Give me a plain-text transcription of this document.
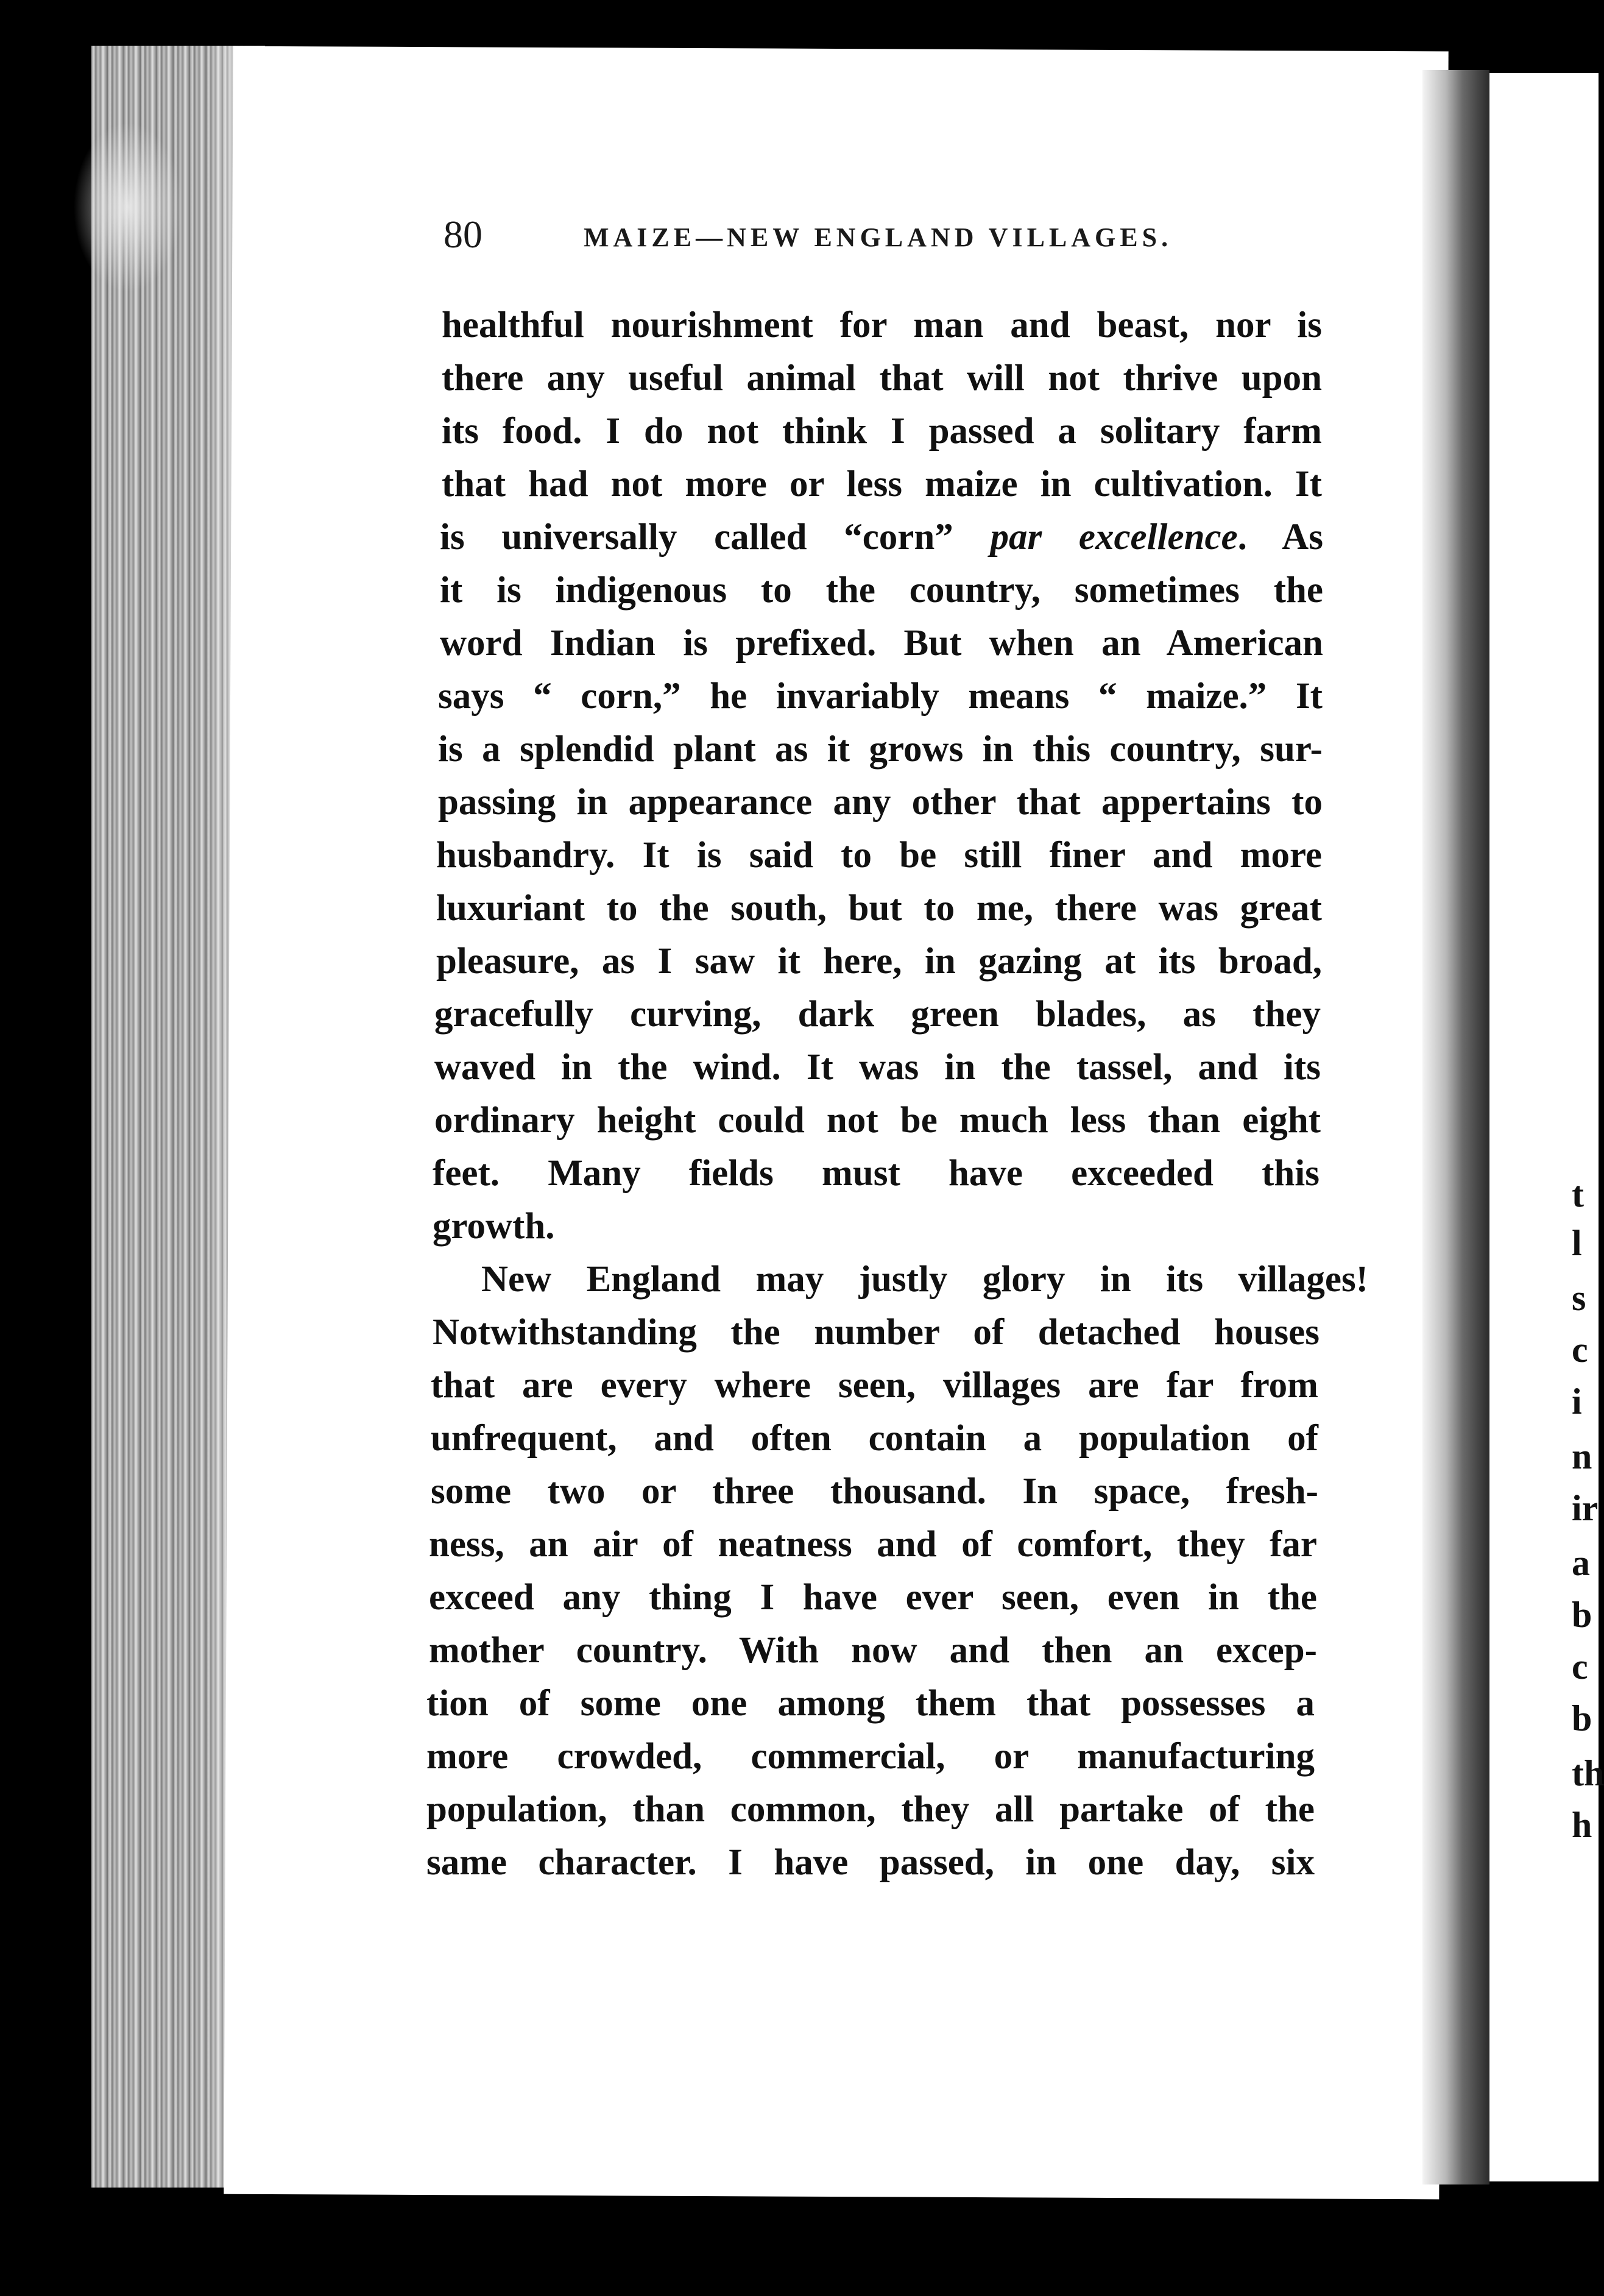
t
l
s
c
i
n
ir
a
b
c
b
th
h
80	MAIZE—NEW ENGLAND VILLAGES.
healthful nourishment for man and beast, nor is
there any useful animal that will not thrive upon
its food. I do not think I passed a solitary farm
that had not more or less maize in cultivation. It
is universally called “corn” par excellence. As
it is indigenous to the country, sometimes the
word Indian is prefixed. But when an American
says “ corn,” he invariably means “ maize.” It
is a splendid plant as it grows in this country, sur-
passing in appearance any other that appertains to
husbandry. It is said to be still finer and more
luxuriant to the south, but to me, there was great
pleasure, as I saw it here, in gazing at its broad,
gracefully curving, dark green blades, as they
waved in the wind. It was in the tassel, and its
ordinary height could not be much less than eight
feet. Many fields must have exceeded this
growth.
New England may justly glory in its villages!
Notwithstanding the number of detached houses
that are every where seen, villages are far from
unfrequent, and often contain a population of
some two or three thousand. In space, fresh-
ness, an air of neatness and of comfort, they far
exceed any thing I have ever seen, even in the
mother country. With now and then an excep-
tion of some one among them that possesses a
more crowded, commercial, or manufacturing
population, than common, they all partake of the
same character. I have passed, in one day, six
